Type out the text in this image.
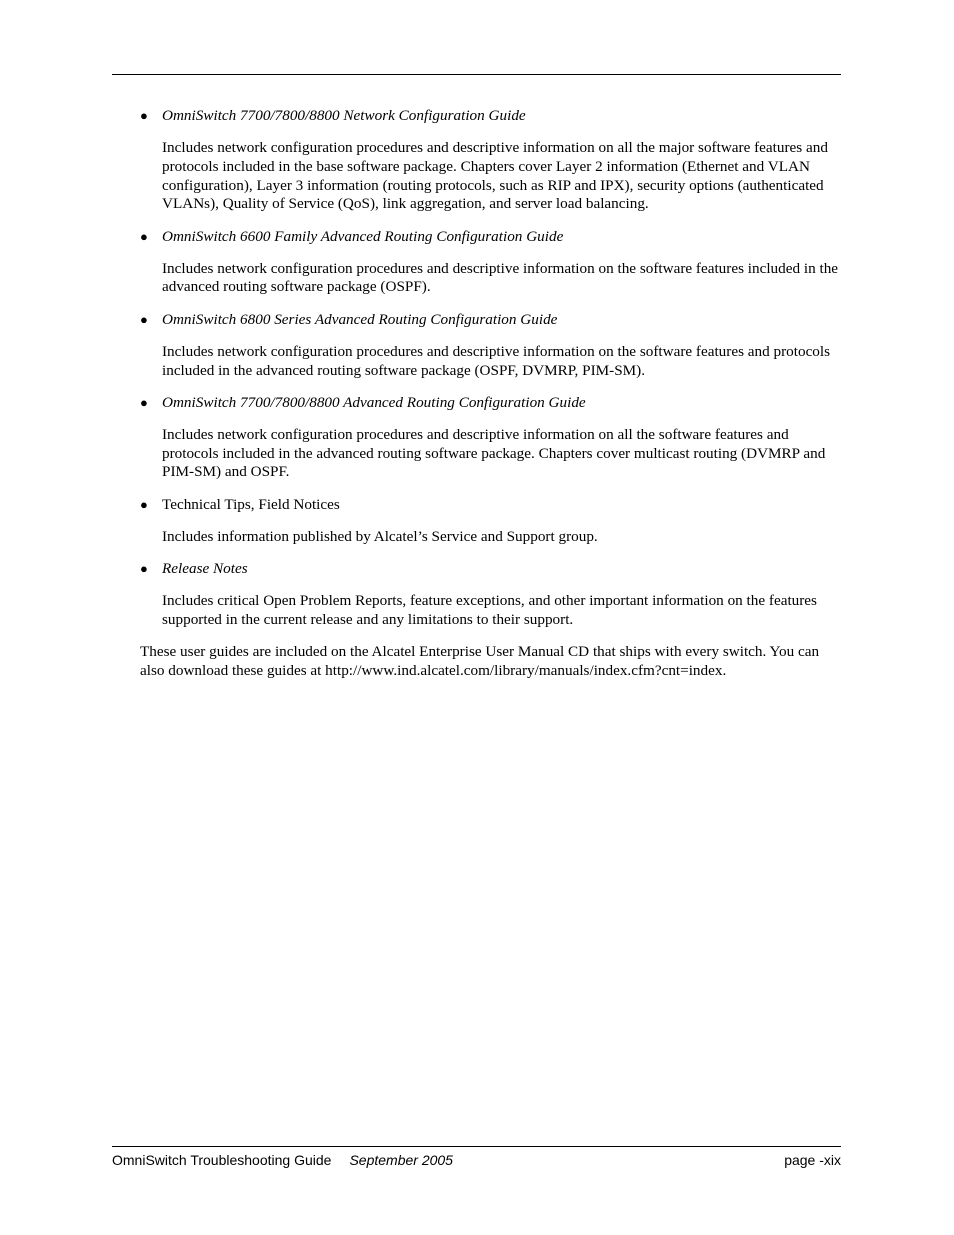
● OmniSwitch 7700/7800/8800 Network Configuration Guide

Includes network configuration procedures and descriptive information on all the major software features and protocols included in the base software package. Chapters cover Layer 2 information (Ethernet and VLAN configuration), Layer 3 information (routing protocols, such as RIP and IPX), security options (authenticated VLANs), Quality of Service (QoS), link aggregation, and server load balancing.

● OmniSwitch 6600 Family Advanced Routing Configuration Guide

Includes network configuration procedures and descriptive information on the software features included in the advanced routing software package (OSPF).

● OmniSwitch 6800 Series Advanced Routing Configuration Guide

Includes network configuration procedures and descriptive information on the software features and protocols included in the advanced routing software package (OSPF, DVMRP, PIM-SM).

● OmniSwitch 7700/7800/8800 Advanced Routing Configuration Guide

Includes network configuration procedures and descriptive information on all the software features and protocols included in the advanced routing software package. Chapters cover multicast routing (DVMRP and PIM-SM) and OSPF.

● Technical Tips, Field Notices

Includes information published by Alcatel’s Service and Support group.

● Release Notes

Includes critical Open Problem Reports, feature exceptions, and other important information on the features supported in the current release and any limitations to their support.

These user guides are included on the Alcatel Enterprise User Manual CD that ships with every switch. You can also download these guides at http://www.ind.alcatel.com/library/manuals/index.cfm?cnt=index.

OmniSwitch Troubleshooting Guide September 2005	page -xix
